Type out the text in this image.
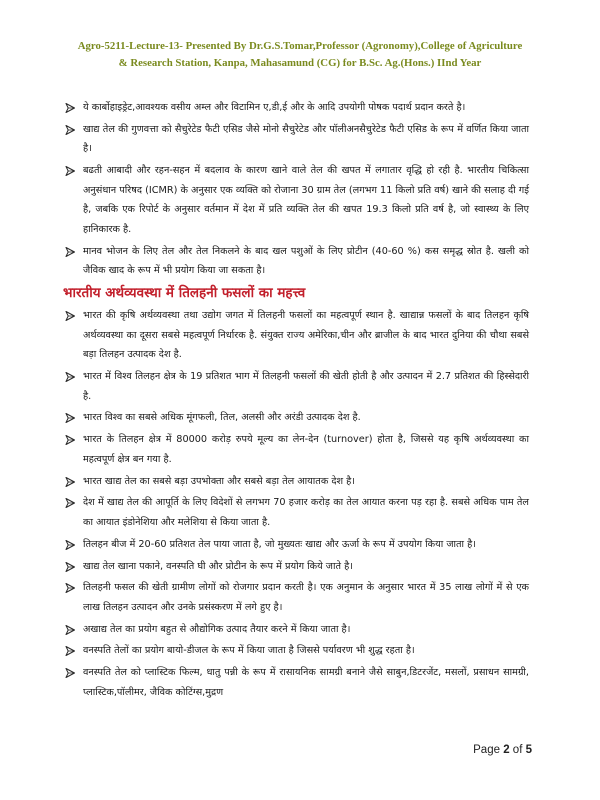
Agro-5211-Lecture-13- Presented By Dr.G.S.Tomar,Professor (Agronomy),College of Agriculture
& Research Station, Kanpa, Mahasamund (CG) for B.Sc. Ag.(Hons.) IInd Year
ये कार्बोहाइड्रेट,आवश्यक वसीय अम्ल और विटामिन ए,डी,ई और के आदि उपयोगी पोषक पदार्थ प्रदान करते है।
खाद्य तेल की गुणवत्ता को सैचुरेटेड फैटी एसिड जैसे मोनो सैचुरेटेड और पॉलीअनसैचुरेटेड फैटी एसिड के रूप में वर्णित किया जाता है।
बढती आबादी और रहन-सहन में बदलाव के कारण खाने वाले तेल की खपत में लगातार वृद्धि हो रही है. भारतीय चिकित्सा अनुसंधान परिषद (ICMR) के अनुसार एक व्यक्ति को रोजाना 30 ग्राम तेल (लगभग 11 किलो प्रति वर्ष) खाने की सलाह दी गई है, जबकि एक रिपोर्ट के अनुसार वर्तमान में देश में प्रति व्यक्ति तेल की खपत 19.3 किलो प्रति वर्ष है, जो स्वास्थ्य के लिए हानिकारक है.
मानव भोजन के लिए तेल और तेल निकलने के बाद खल पशुओं के लिए प्रोटीन (40-60 %) कस समृद्ध स्रोत है. खली को जैविक खाद के रूप में भी प्रयोग किया जा सकता है।
भारतीय अर्थव्यवस्था में तिलहनी फसलों का महत्त्व
भारत की कृषि अर्थव्यवस्था तथा उद्योग जगत में तिलहनी फसलों का महत्वपूर्ण स्थान है. खाद्यान्न फसलों के बाद तिलहन कृषि अर्थव्यवस्था का दूसरा सबसे महत्वपूर्ण निर्धारक है. संयुक्त राज्य अमेरिका,चीन और ब्राजील के बाद भारत दुनिया की चौथा सबसे बड़ा तिलहन उत्पादक देश है.
भारत में विश्व तिलहन क्षेत्र के 19 प्रतिशत भाग में तिलहनी फसलों की खेती होती है और उत्पादन में 2.7 प्रतिशत की हिस्सेदारी है.
भारत विश्व का सबसे अधिक मूंगफली, तिल, अलसी और अरंडी उत्पादक देश है.
भारत के तिलहन क्षेत्र में 80000 करोड़ रुपये मूल्य का लेन-देन (turnover) होता है, जिससे यह कृषि अर्थव्यवस्था का महत्वपूर्ण क्षेत्र बन गया है.
भारत खाद्य तेल का सबसे बड़ा उपभोक्ता और सबसे बड़ा तेल आयातक देश है।
देश में खाद्य तेल की आपूर्ति के लिए विदेशों से लगभग 70 हजार करोड़ का तेल आयात करना पड़ रहा है. सबसे अधिक पाम तेल का आयात इंडोनेशिया और मलेशिया से किया जाता है.
तिलहन बीज में 20-60 प्रतिशत तेल पाया जाता है, जो मुख्यतः खाद्य और ऊर्जा के रूप में उपयोग किया जाता है।
खाद्य तेल खाना पकाने, वनस्पति घी और प्रोटीन के रूप में प्रयोग किये जाते है।
तिलहनी फसल की खेती ग्रामीण लोगों को रोजगार प्रदान करती है। एक अनुमान के अनुसार भारत में 35 लाख लोगों में से एक लाख तिलहन उत्पादन और उनके प्रसंस्करण में लगे हुए है।
अखाद्य तेल का प्रयोग बहुत से औद्योगिक उत्पाद तैयार करने में किया जाता है।
वनस्पति तेलों का प्रयोग बायो-डीजल के रूप में किया जाता है जिससे पर्यावरण भी शुद्ध रहता है।
वनस्पति तेल को प्लास्टिक फिल्म, धातु पन्नी के रूप में रासायनिक सामग्री बनाने जैसे साबुन,डिटरजेंट, मसलों, प्रसाधन सामग्री, प्लास्टिक,पॉलीमर, जैविक कोटिंग्स,मुद्रण
Page 2 of 5
